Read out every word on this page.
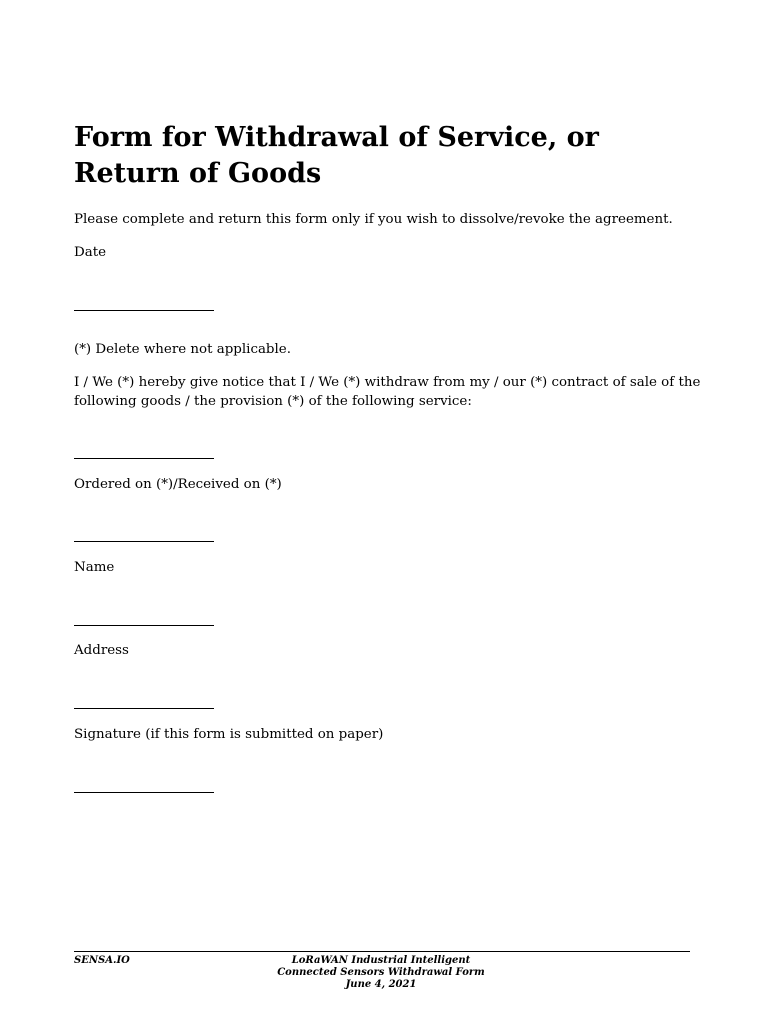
Form for Withdrawal of Service, or Return of Goods

Please complete and return this form only if you wish to dissolve/revoke the agreement.

Date

(*) Delete where not applicable.

I / We (*) hereby give notice that I / We (*) withdraw from my / our (*) contract of sale of the following goods / the provision (*) of the following service:

Ordered on (*)/Received on (*)

Name

Address

Signature (if this form is submitted on paper)

SENSA.IO	LoRaWAN Industrial Intelligent
Connected Sensors Withdrawal Form
June 4, 2021
